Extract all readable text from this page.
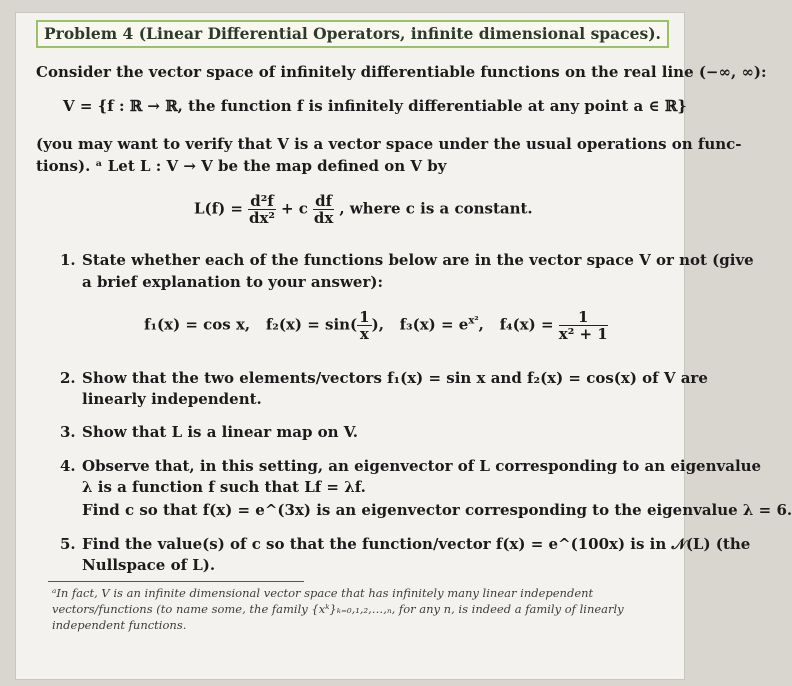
Problem 4 (Linear Differential Operators, infinite dimensional spaces).
Consider the vector space of infinitely differentiable functions on the real line (−∞, ∞):
V = {f : ℝ → ℝ, the function f is infinitely differentiable at any point a ∈ ℝ}
(you may want to verify that V is a vector space under the usual operations on func-
tions). ᵃ Let L : V → V be the map defined on V by
$L(f) = \frac{\text{d²f}}{\text{dx²}} + c \frac{df}{dx}$ , where c is a constant.
1. State whether each of the functions below are in the vector space V or not (give
a brief explanation to your answer):
f₁(x) = cos x, $f_2(x) = \sin( \frac{1}{x}$ ), $f_3(x) = e^{x^2}$, $f_4(x) = \frac{1}{\text{x² + 1}}$
2. Show that the two elements/vectors f₁(x) = sin x and f₂(x) = cos(x) of V are
linearly independent.
3. Show that L is a linear map on V.
4. Observe that, in this setting, an eigenvector of L corresponding to an eigenvalue
λ is a function f such that Lf = λf.
Find c so that f(x) = e^(3x) is an eigenvector corresponding to the eigenvalue λ = 6.
5. Find the value(s) of c so that the function/vector f(x) = e^(100x) is in 𝒩(L) (the
Nullspace of L).
ᵃIn fact, V is an infinite dimensional vector space that has infinitely many linear independent
vectors/functions (to name some, the family {xᵏ}ₖ₌₀,₁,₂,…,ₙ, for any n, is indeed a family of linearly
independent functions.
